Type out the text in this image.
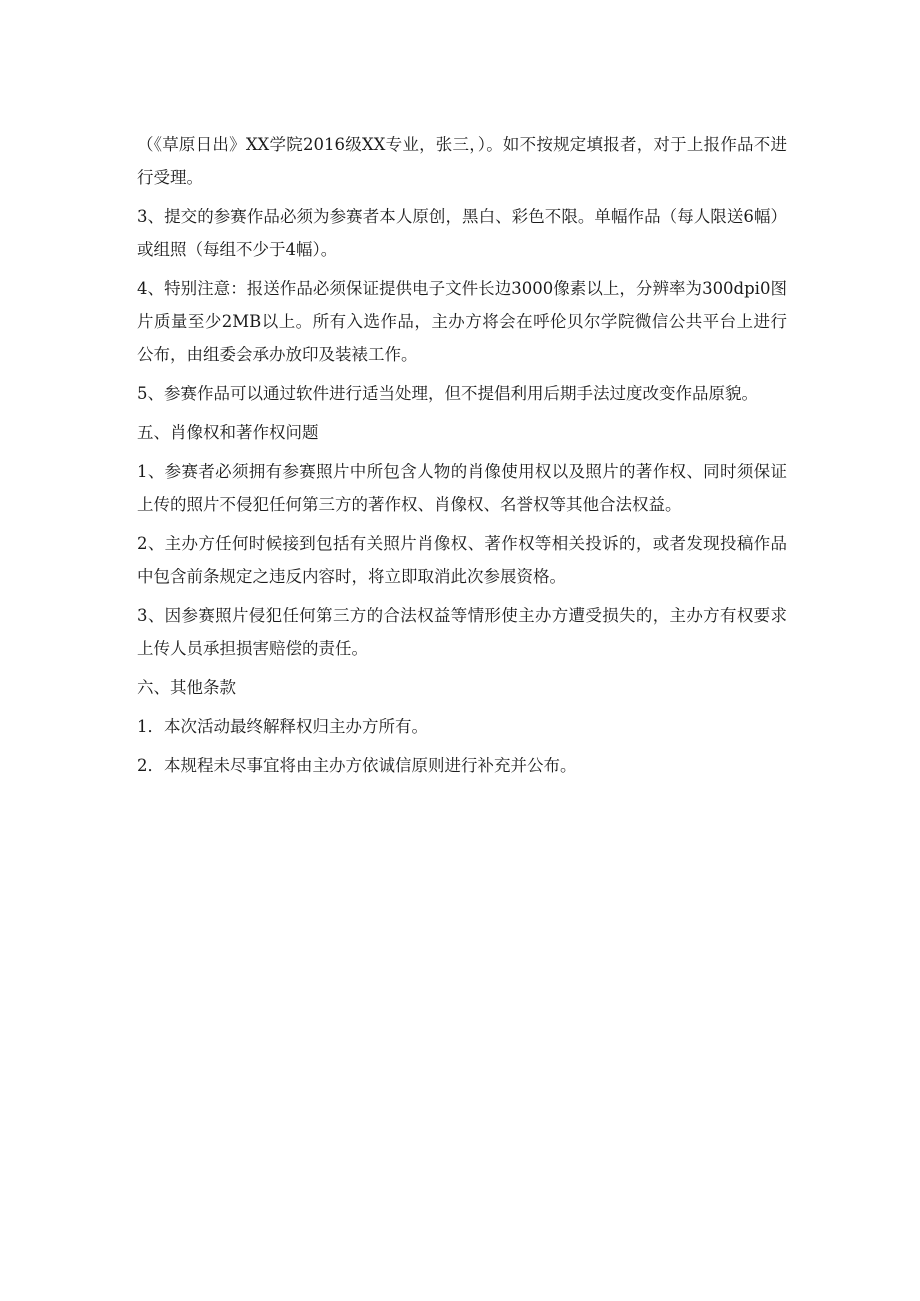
（《草原日出》XX学院2016级XX专业，张三，）。如不按规定填报者，对于上报作品不进行受理。

3、提交的参赛作品必须为参赛者本人原创，黑白、彩色不限。单幅作品（每人限送6幅）或组照（每组不少于4幅）。

4、特别注意：报送作品必须保证提供电子文件长边3000像素以上，分辨率为300dpi0图片质量至少2MB以上。所有入选作品，主办方将会在呼伦贝尔学院微信公共平台上进行公布，由组委会承办放印及装裱工作。

5、参赛作品可以通过软件进行适当处理，但不提倡利用后期手法过度改变作品原貌。

五、肖像权和著作权问题

1、参赛者必须拥有参赛照片中所包含人物的肖像使用权以及照片的著作权、同时须保证上传的照片不侵犯任何第三方的著作权、肖像权、名誉权等其他合法权益。

2、主办方任何时候接到包括有关照片肖像权、著作权等相关投诉的，或者发现投稿作品中包含前条规定之违反内容时，将立即取消此次参展资格。

3、因参赛照片侵犯任何第三方的合法权益等情形使主办方遭受损失的，主办方有权要求上传人员承担损害赔偿的责任。

六、其他条款

1．本次活动最终解释权归主办方所有。

2．本规程未尽事宜将由主办方依诚信原则进行补充并公布。
